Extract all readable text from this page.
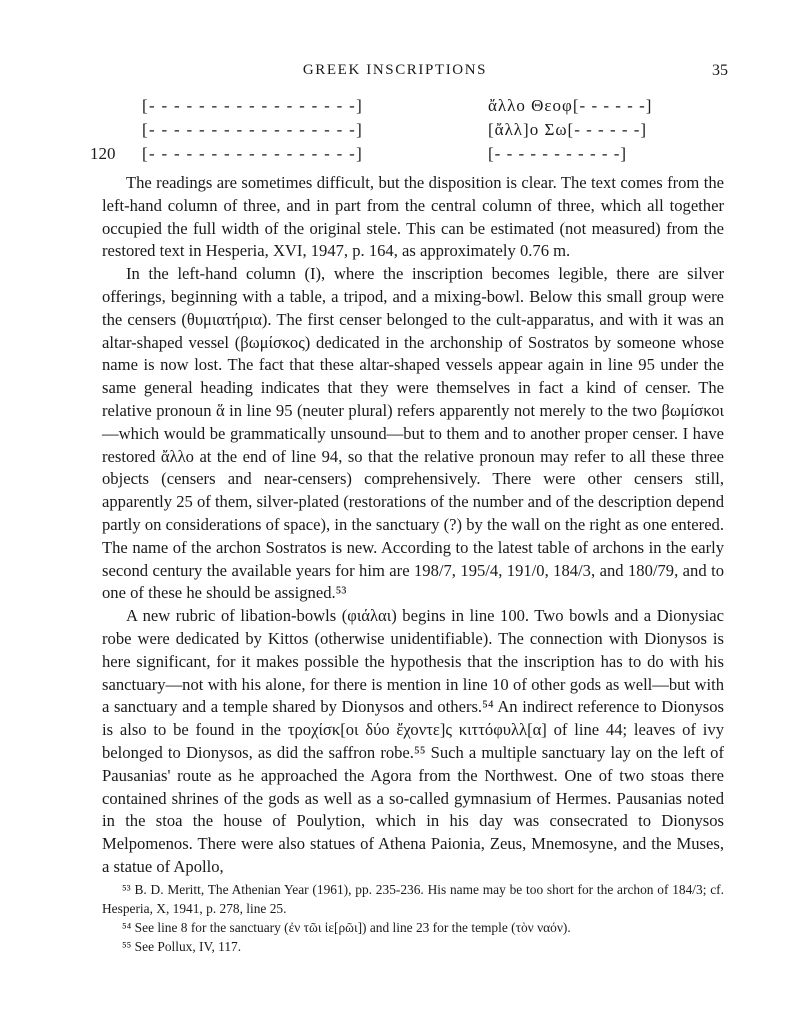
GREEK INSCRIPTIONS	35
[- - - - - - - - - - - - - - - - -]	ἄλλο Θεοφ[- - - - - -]
[- - - - - - - - - - - - - - - - -]	[ἄλλ]ο Σω[- - - - - -]
120 [- - - - - - - - - - - - - - - - -]	[- - - - - - - - - - -]

The readings are sometimes difficult, but the disposition is clear. The text comes from the left-hand column of three, and in part from the central column of three, which all together occupied the full width of the original stele. This can be estimated (not measured) from the restored text in Hesperia, XVI, 1947, p. 164, as approximately 0.76 m.

In the left-hand column (I), where the inscription becomes legible, there are silver offerings, beginning with a table, a tripod, and a mixing-bowl. Below this small group were the censers (θυμιατήρια). The first censer belonged to the cult-apparatus, and with it was an altar-shaped vessel (βωμίσκος) dedicated in the archonship of Sostratos by someone whose name is now lost. The fact that these altar-shaped vessels appear again in line 95 under the same general heading indicates that they were themselves in fact a kind of censer. The relative pronoun ἅ in line 95 (neuter plural) refers apparently not merely to the two βωμίσκοι—which would be grammatically unsound—but to them and to another proper censer. I have restored ἄλλο at the end of line 94, so that the relative pronoun may refer to all these three objects (censers and near-censers) comprehensively. There were other censers still, apparently 25 of them, silver-plated (restorations of the number and of the description depend partly on considerations of space), in the sanctuary (?) by the wall on the right as one entered. The name of the archon Sostratos is new. According to the latest table of archons in the early second century the available years for him are 198/7, 195/4, 191/0, 184/3, and 180/79, and to one of these he should be assigned.⁵³

A new rubric of libation-bowls (φιάλαι) begins in line 100. Two bowls and a Dionysiac robe were dedicated by Kittos (otherwise unidentifiable). The connection with Dionysos is here significant, for it makes possible the hypothesis that the inscription has to do with his sanctuary—not with his alone, for there is mention in line 10 of other gods as well—but with a sanctuary and a temple shared by Dionysos and others.⁵⁴ An indirect reference to Dionysos is also to be found in the τροχίσκ[οι δύο ἔχοντε]ς κιττόφυλλ[α] of line 44; leaves of ivy belonged to Dionysos, as did the saffron robe.⁵⁵ Such a multiple sanctuary lay on the left of Pausanias' route as he approached the Agora from the Northwest. One of two stoas there contained shrines of the gods as well as a so-called gymnasium of Hermes. Pausanias noted in the stoa the house of Poulytion, which in his day was consecrated to Dionysos Melpomenos. There were also statues of Athena Paionia, Zeus, Mnemosyne, and the Muses, a statue of Apollo,

⁵³ B. D. Meritt, The Athenian Year (1961), pp. 235-236. His name may be too short for the archon of 184/3; cf. Hesperia, X, 1941, p. 278, line 25.

⁵⁴ See line 8 for the sanctuary (ἐν τῶι ἱε[ρῶι]) and line 23 for the temple (τὸν ναόν).

⁵⁵ See Pollux, IV, 117.
